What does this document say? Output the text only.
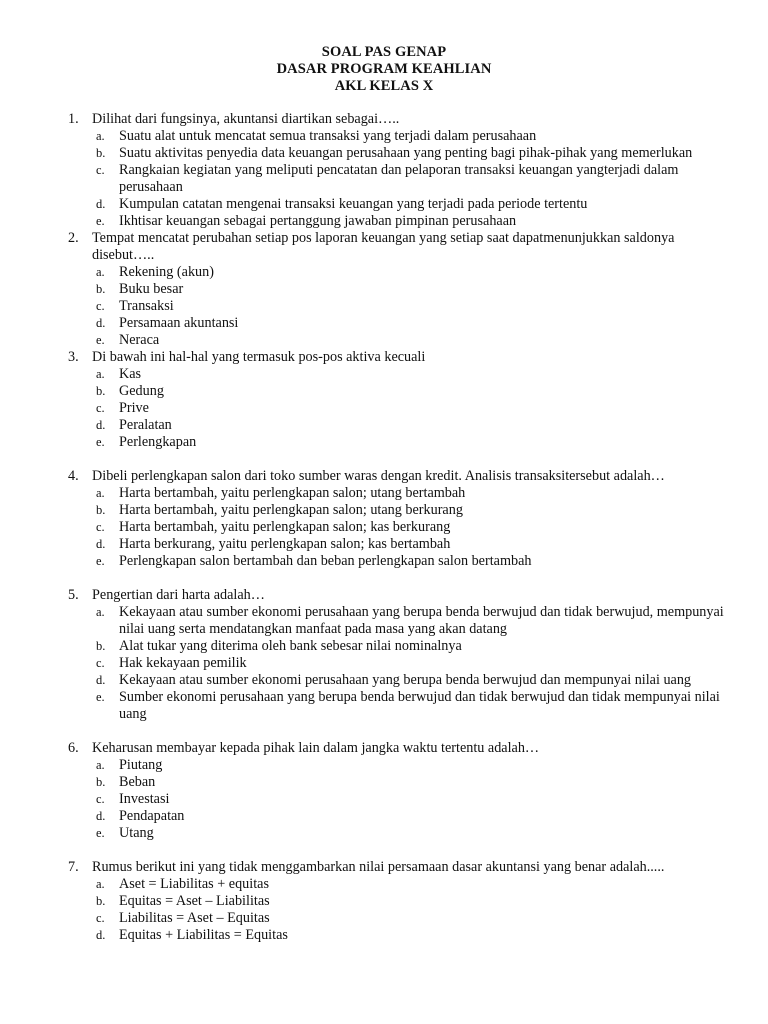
SOAL PAS GENAP
DASAR PROGRAM KEAHLIAN
AKL KELAS X
1. Dilihat dari fungsinya, akuntansi diartikan sebagai…..
a. Suatu alat untuk mencatat semua transaksi yang terjadi dalam perusahaan
b. Suatu aktivitas penyedia data keuangan perusahaan yang penting bagi pihak-pihak yang memerlukan
c. Rangkaian kegiatan yang meliputi pencatatan dan pelaporan transaksi keuangan yangterjadi dalam perusahaan
d. Kumpulan catatan mengenai transaksi keuangan yang terjadi pada periode tertentu
e. Ikhtisar keuangan sebagai pertanggung jawaban pimpinan perusahaan
2. Tempat mencatat perubahan setiap pos laporan keuangan yang setiap saat dapatmenunjukkan saldonya disebut…..
a. Rekening (akun)
b. Buku besar
c. Transaksi
d. Persamaan akuntansi
e. Neraca
3. Di bawah ini hal-hal yang termasuk pos-pos aktiva kecuali
a. Kas
b. Gedung
c. Prive
d. Peralatan
e. Perlengkapan
4. Dibeli perlengkapan salon dari toko sumber waras dengan kredit. Analisis transaksitersebut adalah…
a. Harta bertambah, yaitu perlengkapan salon; utang bertambah
b. Harta bertambah, yaitu perlengkapan salon; utang berkurang
c. Harta bertambah, yaitu perlengkapan salon; kas berkurang
d. Harta berkurang, yaitu perlengkapan salon; kas bertambah
e. Perlengkapan salon bertambah dan beban perlengkapan salon bertambah
5. Pengertian dari harta adalah…
a. Kekayaan atau sumber ekonomi perusahaan yang berupa benda berwujud dan tidak berwujud, mempunyai nilai uang serta mendatangkan manfaat pada masa yang akan datang
b. Alat tukar yang diterima oleh bank sebesar nilai nominalnya
c. Hak kekayaan pemilik
d. Kekayaan atau sumber ekonomi perusahaan yang berupa benda berwujud dan mempunyai nilai uang
e. Sumber ekonomi perusahaan yang berupa benda berwujud dan tidak berwujud dan tidak mempunyai nilai uang
6. Keharusan membayar kepada pihak lain dalam jangka waktu tertentu adalah…
a. Piutang
b. Beban
c. Investasi
d. Pendapatan
e. Utang
7. Rumus berikut ini yang tidak menggambarkan nilai persamaan dasar akuntansi yang benar adalah.....
a. Aset = Liabilitas + equitas
b. Equitas = Aset – Liabilitas
c. Liabilitas = Aset – Equitas
d. Equitas + Liabilitas = Equitas
